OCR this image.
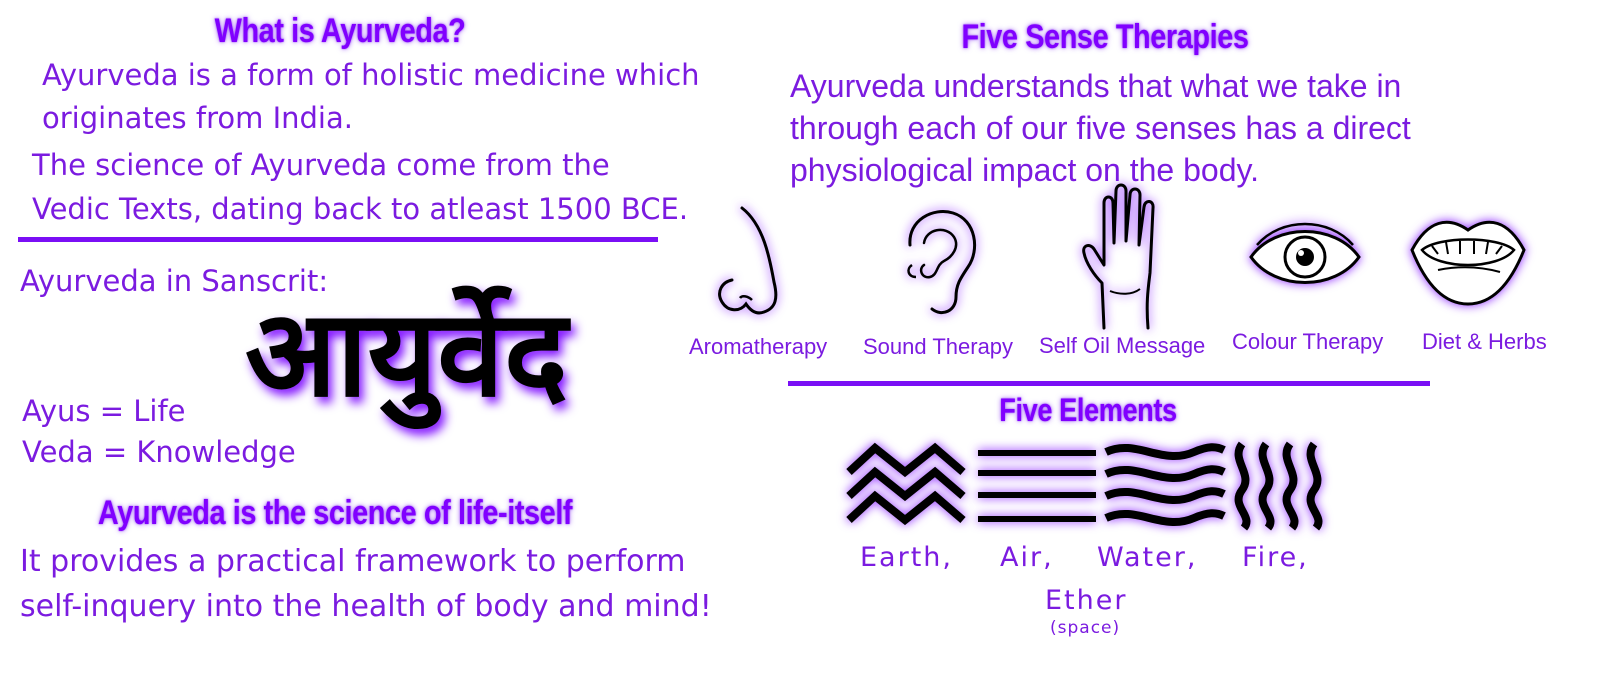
What is Ayurveda?
Ayurveda is a form of holistic medicine which
originates from India.
The science of Ayurveda come from the
Vedic Texts, dating back to atleast 1500 BCE.
Ayurveda in Sanscrit:
आयुर्वेद
Ayus = Life
Veda = Knowledge
Ayurveda is the science of life-itself
It provides a practical framework to perform
self-inquery into the health of body and mind!
Five Sense Therapies
Ayurveda understands that what we take in
through each of our five senses has a direct
physiological impact on the body.
Aromatherapy Sound Therapy Self Oil Message Colour Therapy Diet & Herbs
Five Elements
Earth, Air, Water, Fire,
Ether
(space)
